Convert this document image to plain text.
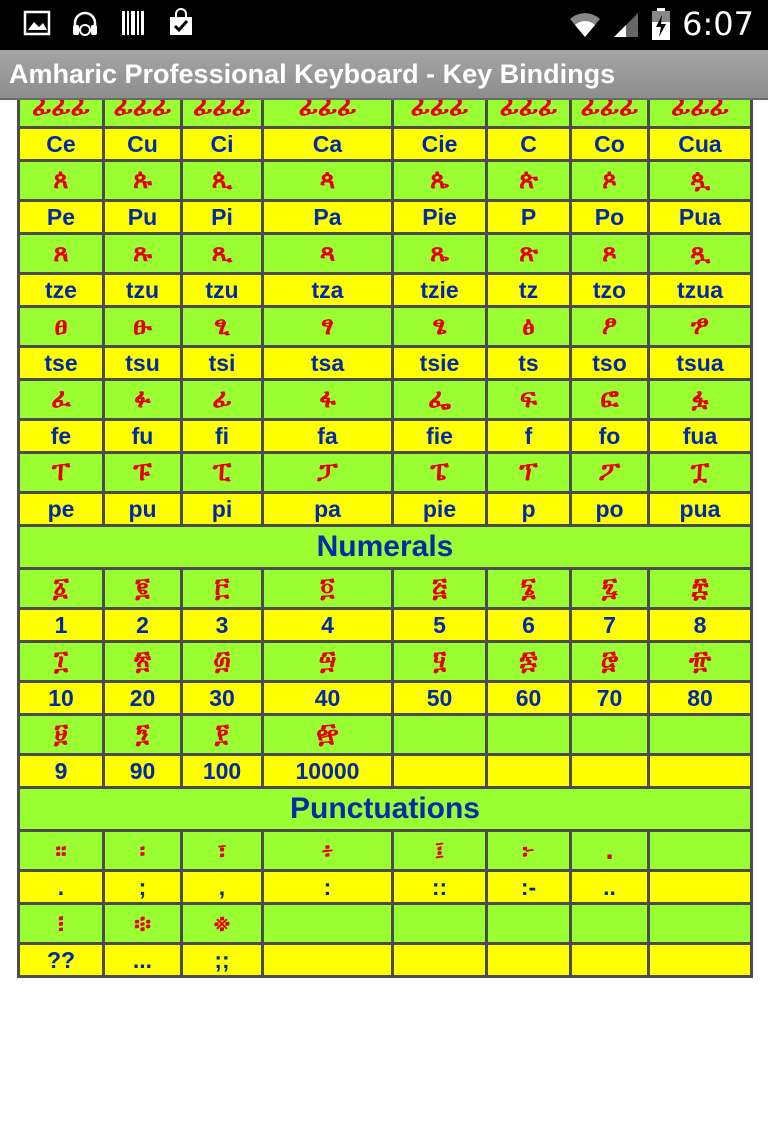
6:07
Amharic Professional Keyboard - Key Bindings
ፊፊፊ	ፊፊፊ	ፊፊፊ	ፊፊፊ	ፊፊፊ	ፊፊፊ	ፊፊፊ	ፊፊፊ
Ce	Cu	Ci	Ca	Cie	C	Co	Cua
ጰ	ጱ	ጲ	ጳ	ጴ	ጵ	ጶ	ጷ
Pe	Pu	Pi	Pa	Pie	P	Po	Pua
ጸ	ጹ	ጺ	ጻ	ጼ	ጽ	ጾ	ጿ
tze	tzu	tzu	tza	tzie	tz	tzo	tzua
ፀ	ፁ	ፂ	ፃ	ፄ	ፅ	ፆ	ፇ
tse	tsu	tsi	tsa	tsie	ts	tso	tsua
ፈ	ፉ	ፊ	ፋ	ፌ	ፍ	ፎ	ፏ
fe	fu	fi	fa	fie	f	fo	fua
ፐ	ፑ	ፒ	ፓ	ፔ	ፕ	ፖ	ፗ
pe	pu	pi	pa	pie	p	po	pua
Numerals							
፩	፪	፫	፬	፭	፮	፯	፰
1	2	3	4	5	6	7	8
፲	፳	፴	፵	፶	፷	፸	፹
10	20	30	40	50	60	70	80
፱	፺	፻	፼				
9	90	100	10000				
Punctuations							
።	፡	፣	፥	፤	፦	.	
.	;	,	:	::	:-	..	
፧	፨	፠					
??	...	;;					
